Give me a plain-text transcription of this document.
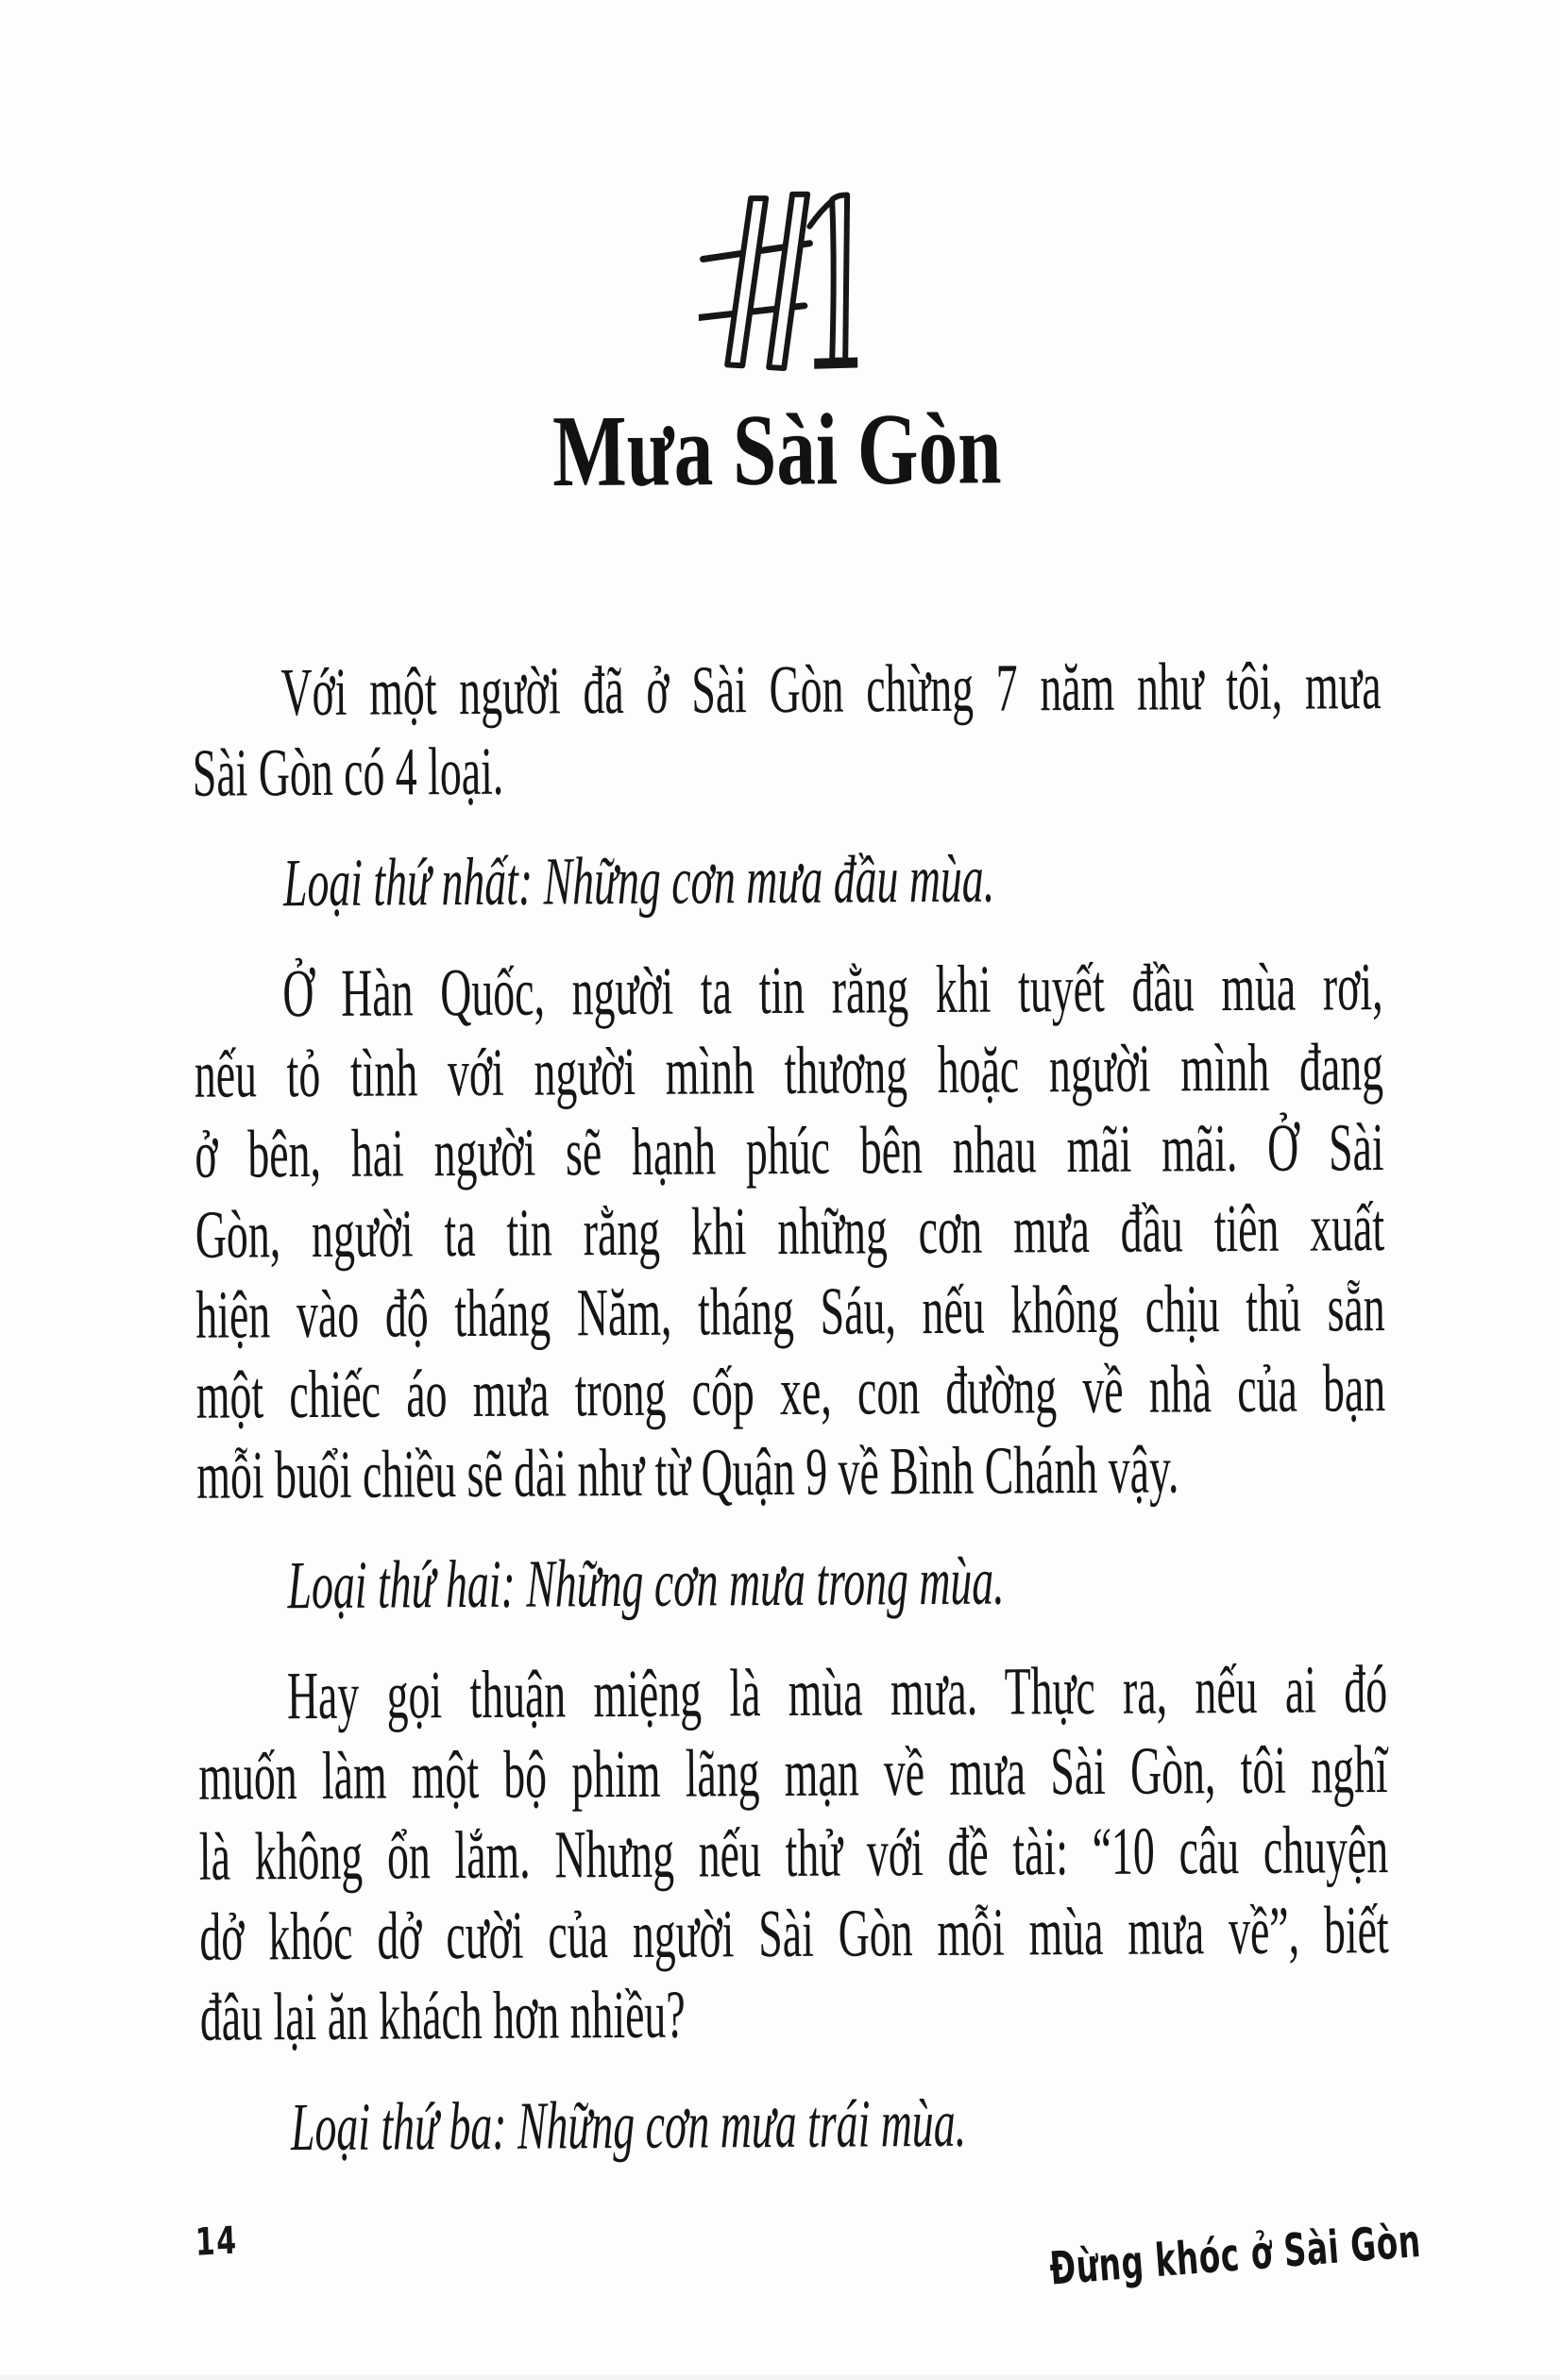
Mưa Sài Gòn
Với một người đã ở Sài Gòn chừng 7 năm như tôi, mưa
Sài Gòn có 4 loại.
Loại thứ nhất: Những cơn mưa đầu mùa.
Ở Hàn Quốc, người ta tin rằng khi tuyết đầu mùa rơi,
nếu tỏ tình với người mình thương hoặc người mình đang
ở bên, hai người sẽ hạnh phúc bên nhau mãi mãi. Ở Sài
Gòn, người ta tin rằng khi những cơn mưa đầu tiên xuất
hiện vào độ tháng Năm, tháng Sáu, nếu không chịu thủ sẵn
một chiếc áo mưa trong cốp xe, con đường về nhà của bạn
mỗi buổi chiều sẽ dài như từ Quận 9 về Bình Chánh vậy.
Loại thứ hai: Những cơn mưa trong mùa.
Hay gọi thuận miệng là mùa mưa. Thực ra, nếu ai đó
muốn làm một bộ phim lãng mạn về mưa Sài Gòn, tôi nghĩ
là không ổn lắm. Nhưng nếu thử với đề tài: “10 câu chuyện
dở khóc dở cười của người Sài Gòn mỗi mùa mưa về”, biết
đâu lại ăn khách hơn nhiều?
Loại thứ ba: Những cơn mưa trái mùa.
14	Đừng khóc ở Sài Gòn
